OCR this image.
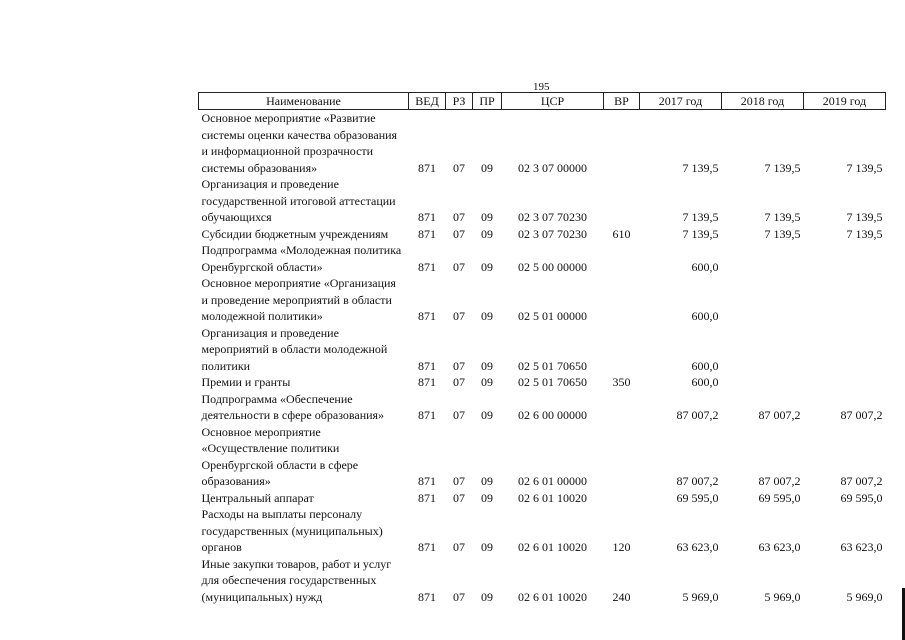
195
Наименование	ВЕД	РЗ	ПР	ЦСР	ВР	2017 год	2018 год	2019 год
Основное мероприятие «Развитие системы оценки качества образования и информационной прозрачности системы образования»	871	07	09	02 3 07 00000		7 139,5	7 139,5	7 139,5
Организация и проведение государственной итоговой аттестации обучающихся	871	07	09	02 3 07 70230		7 139,5	7 139,5	7 139,5
Субсидии бюджетным учреждениям	871	07	09	02 3 07 70230	610	7 139,5	7 139,5	7 139,5
Подпрограмма «Молодежная политика Оренбургской области»	871	07	09	02 5 00 00000		600,0		
Основное мероприятие «Организация и проведение мероприятий в области молодежной политики»	871	07	09	02 5 01 00000		600,0		
Организация и проведение мероприятий в области молодежной политики	871	07	09	02 5 01 70650		600,0		
Премии и гранты	871	07	09	02 5 01 70650	350	600,0		
Подпрограмма «Обеспечение деятельности в сфере образования»	871	07	09	02 6 00 00000		87 007,2	87 007,2	87 007,2
Основное мероприятие «Осуществление политики Оренбургской области в сфере образования»	871	07	09	02 6 01 00000		87 007,2	87 007,2	87 007,2
Центральный аппарат	871	07	09	02 6 01 10020		69 595,0	69 595,0	69 595,0
Расходы на выплаты персоналу государственных (муниципальных) органов	871	07	09	02 6 01 10020	120	63 623,0	63 623,0	63 623,0
Иные закупки товаров, работ и услуг для обеспечения государственных (муниципальных) нужд	871	07	09	02 6 01 10020	240	5 969,0	5 969,0	5 969,0
